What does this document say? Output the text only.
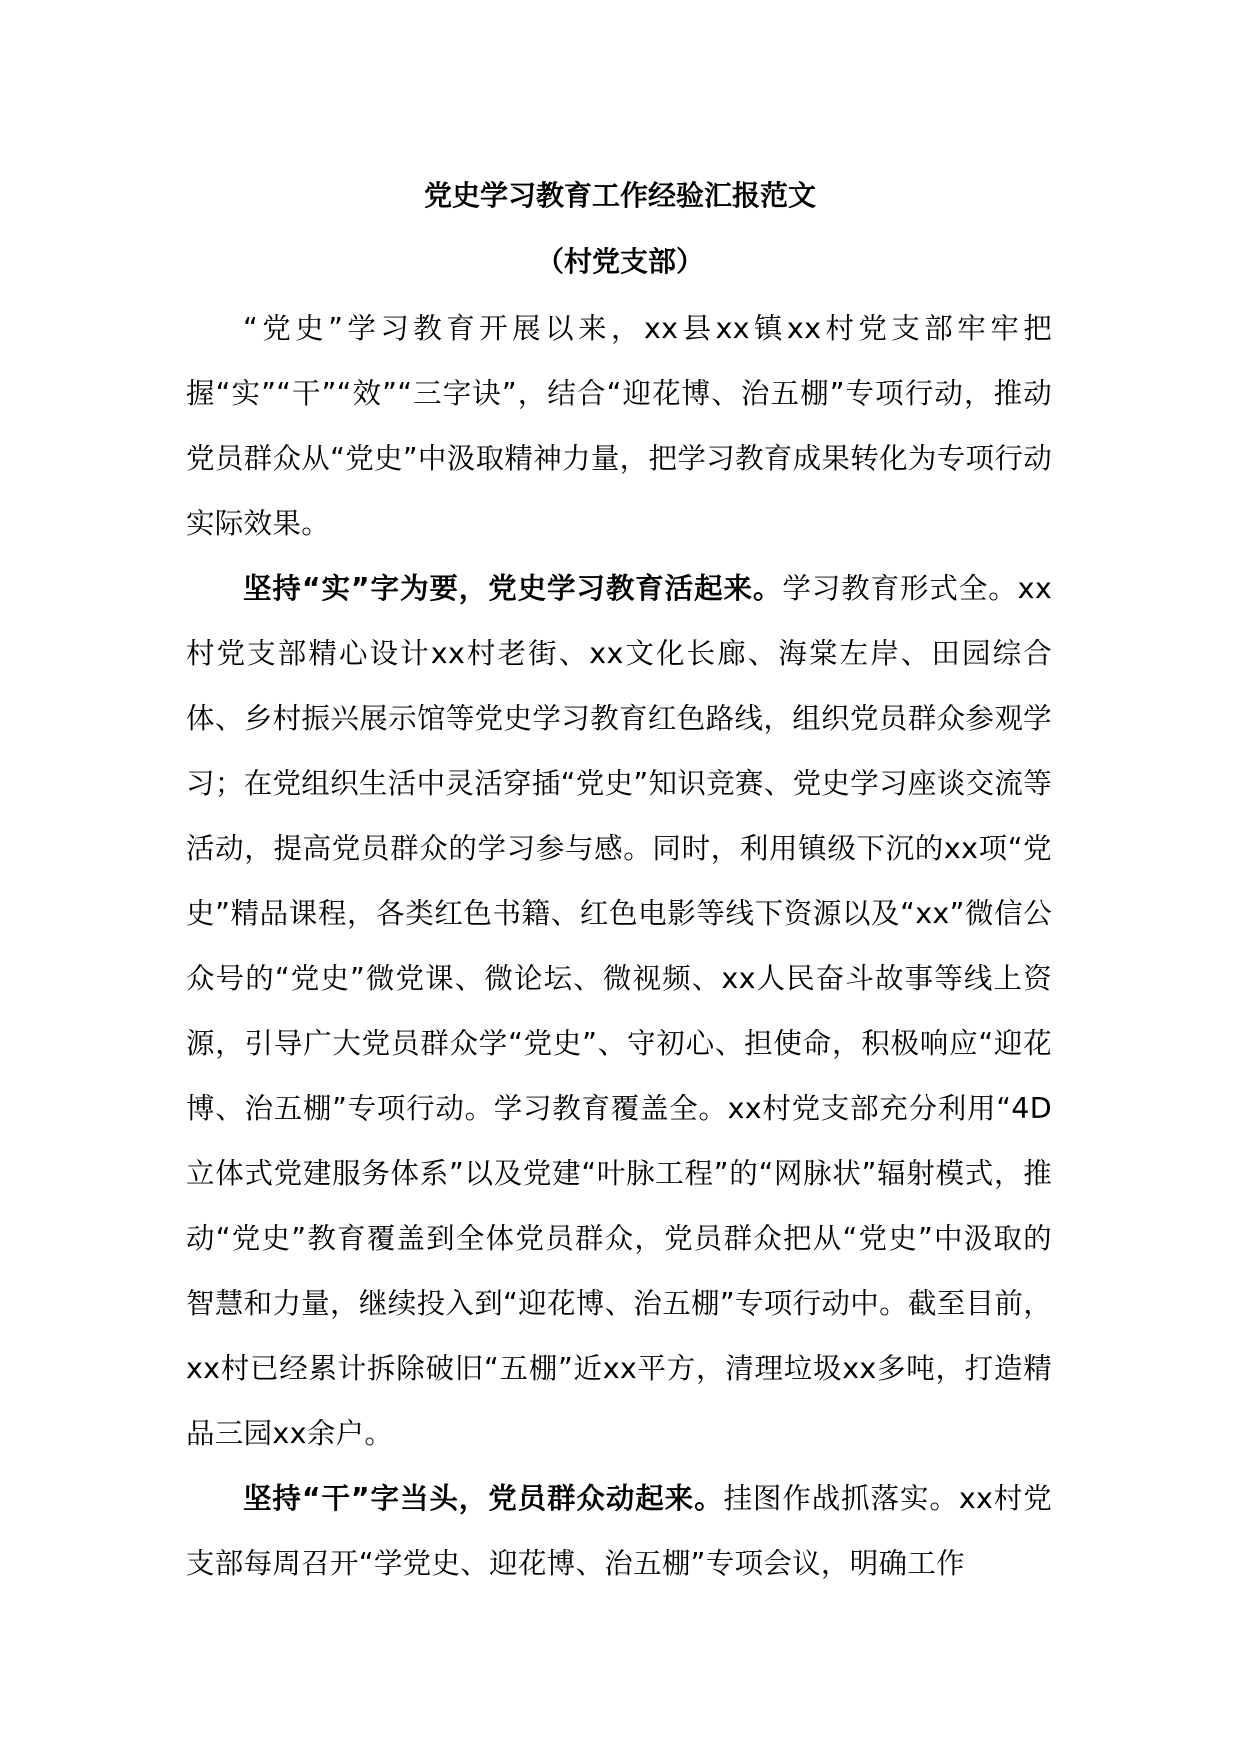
党史学习教育工作经验汇报范文
（村党支部）

“党史”学习教育开展以来，xx县xx镇xx村党支部牢牢把握“实”“干”“效”“三字诀”，结合“迎花博、治五棚”专项行动，推动党员群众从“党史”中汲取精神力量，把学习教育成果转化为专项行动实际效果。

坚持“实”字为要，党史学习教育活起来。学习教育形式全。xx村党支部精心设计xx村老街、xx文化长廊、海棠左岸、田园综合体、乡村振兴展示馆等党史学习教育红色路线，组织党员群众参观学习；在党组织生活中灵活穿插“党史”知识竞赛、党史学习座谈交流等活动，提高党员群众的学习参与感。同时，利用镇级下沉的xx项“党史”精品课程，各类红色书籍、红色电影等线下资源以及“xx”微信公众号的“党史”微党课、微论坛、微视频、xx人民奋斗故事等线上资源，引导广大党员群众学“党史”、守初心、担使命，积极响应“迎花博、治五棚”专项行动。学习教育覆盖全。xx村党支部充分利用“4D立体式党建服务体系”以及党建“叶脉工程”的“网脉状”辐射模式，推动“党史”教育覆盖到全体党员群众，党员群众把从“党史”中汲取的智慧和力量，继续投入到“迎花博、治五棚”专项行动中。截至目前，xx村已经累计拆除破旧“五棚”近xx平方，清理垃圾xx多吨，打造精品三园xx余户。

坚持“干”字当头，党员群众动起来。挂图作战抓落实。xx村党支部每周召开“学党史、迎花博、治五棚”专项会议，明确工作
